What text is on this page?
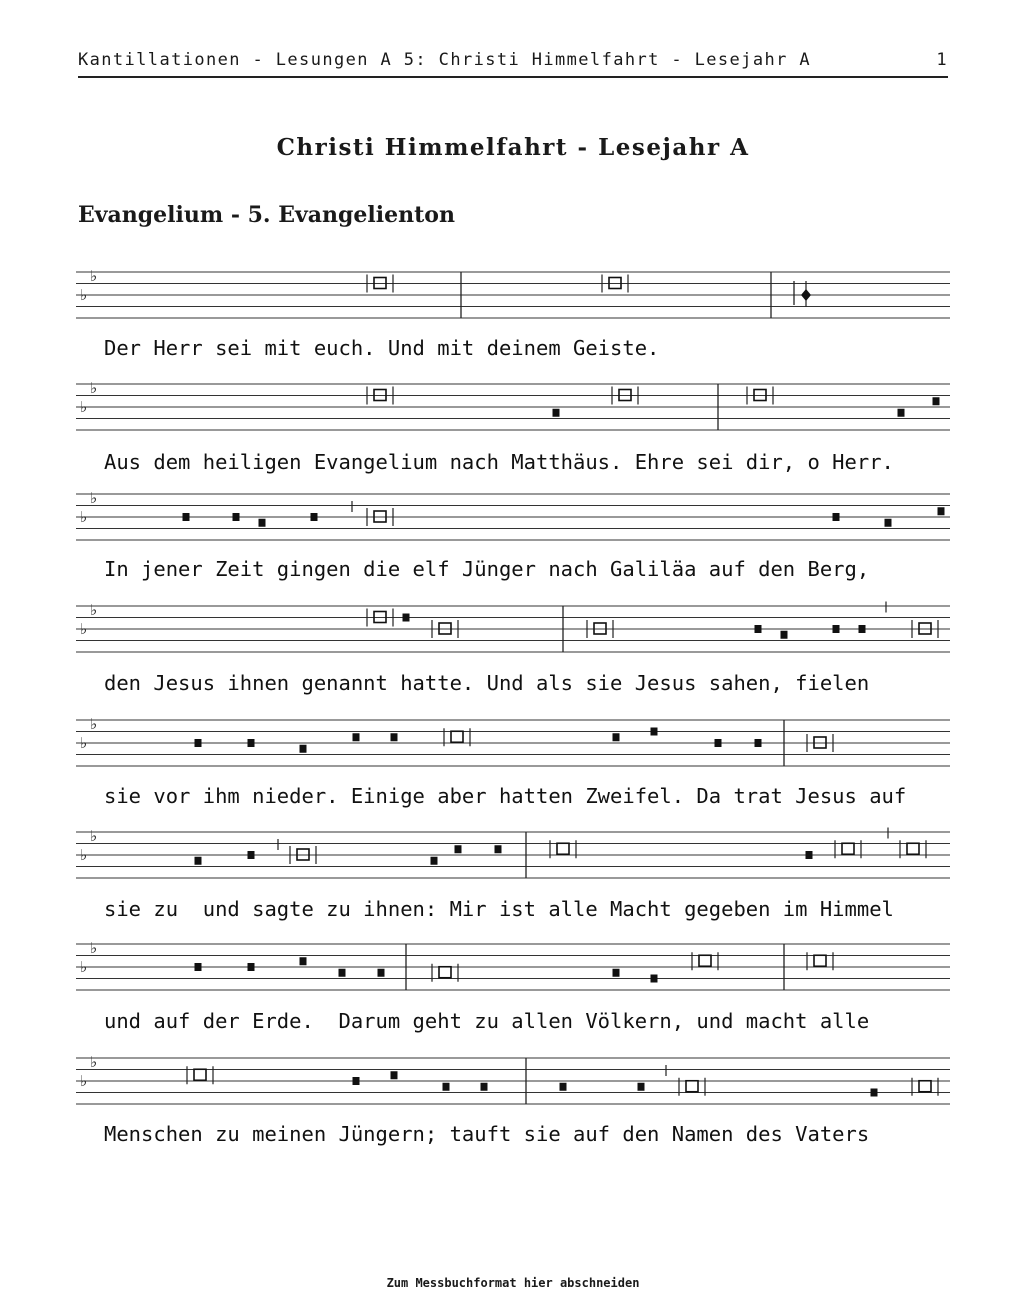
Kantillationen - Lesungen A 5: Christi Himmelfahrt - Lesejahr A	1
Christi Himmelfahrt - Lesejahr A
Evangelium - 5. Evangelienton
♭
♭
Der Herr sei mit euch. Und mit deinem Geiste.
♭
♭
Aus dem heiligen Evangelium nach Matthäus. Ehre sei dir, o Herr.
♭
♭
In jener Zeit gingen die elf Jünger nach Galiläa auf den Berg,
♭
♭
den Jesus ihnen genannt hatte. Und als sie Jesus sahen, fielen
♭
♭
sie vor ihm nieder. Einige aber hatten Zweifel. Da trat Jesus auf
♭
♭
sie zu  und sagte zu ihnen: Mir ist alle Macht gegeben im Himmel
♭
♭
und auf der Erde.  Darum geht zu allen Völkern, und macht alle
♭
♭
Menschen zu meinen Jüngern; tauft sie auf den Namen des Vaters
Zum Messbuchformat hier abschneiden
